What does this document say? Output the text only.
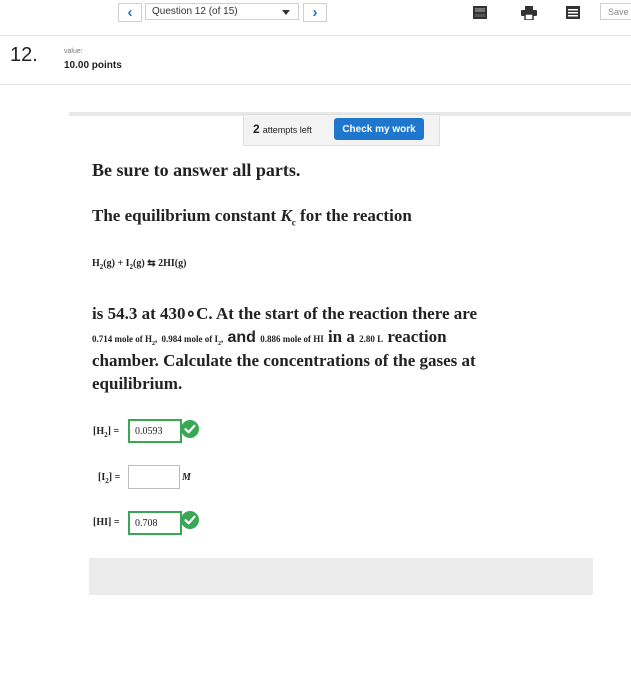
‹ Question 12 (of 15)	›	Save
12.	value:
10.00 points
2 attempts left	Check my work
Be sure to answer all parts.
The equilibrium constant $K_c$ for the reaction
$H_2(g) + I_2(g)$ ⇆ 2HI(g)
is 54.3 at 430∘C. At the start of the reaction there are
0.714 mole of $H_2$, 0.984 mole of $I_2$, and 0.886 mole of HI in a 2.80 L reaction
chamber. Calculate the concentrations of the gases at
equilibrium.
$[H_2]$ =	0.0593
$[I_2]$ =	M
[HI] =	0.708
